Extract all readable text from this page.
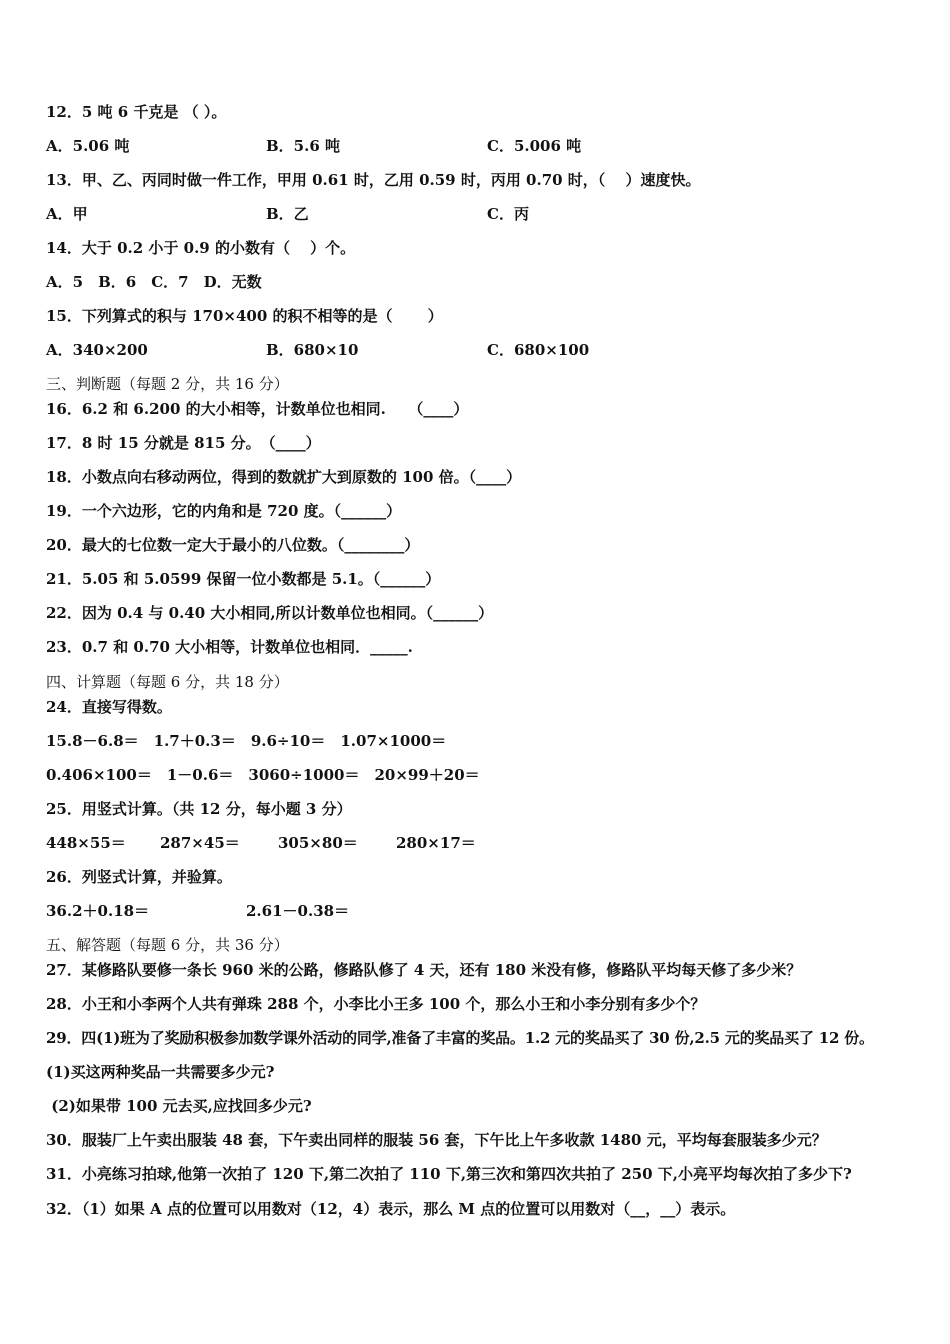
12．5 吨 6 千克是 （ ）。
A．5.06 吨	B．5.6 吨	C．5.006 吨
13．甲、乙、丙同时做一件工作，甲用 0.61 时，乙用 0.59 时，丙用 0.70 时，（　 ）速度快。
A．甲	B．乙	C．丙
14．大于 0.2 小于 0.9 的小数有（　 ）个。
A．5　B．6　C．7　D．无数
15．下列算式的积与 170×400 的积不相等的是（　　 ）
A．340×200	B．680×10	C．680×100
三、判断题（每题 2 分，共 16 分）
16．6.2 和 6.200 的大小相等，计数单位也相同.　　（____）
17．8 时 15 分就是 815 分。　（____）
18．小数点向右移动两位，得到的数就扩大到原数的 100 倍。（____）
19．一个六边形，它的内角和是 720 度。（______）
20．最大的七位数一定大于最小的八位数。（________）
21．5.05 和 5.0599 保留一位小数都是 5.1。（______）
22．因为 0.4 与 0.40 大小相同,所以计数单位也相同。（______）
23．0.7 和 0.70 大小相等，计数单位也相同．_____.
四、计算题（每题 6 分，共 18 分）
24．直接写得数。
15.8－6.8＝　1.7＋0.3＝　9.6÷10＝　1.07×1000＝
0.406×100＝　1－0.6＝　3060÷1000＝　20×99＋20＝
25．用竖式计算。（共 12 分，每小题 3 分）
448×55＝ 287×45＝	305×80＝	280×17＝
26．列竖式计算，并验算。
36.2＋0.18＝	2.61－0.38＝
五、解答题（每题 6 分，共 36 分）
27．某修路队要修一条长 960 米的公路，修路队修了 4 天，还有 180 米没有修，修路队平均每天修了多少米？
28．小王和小李两个人共有弹珠 288 个，小李比小王多 100 个，那么小王和小李分别有多少个？
29．四(1)班为了奖励积极参加数学课外活动的同学,准备了丰富的奖品。1.2 元的奖品买了 30 份,2.5 元的奖品买了 12 份。
(1)买这两种奖品一共需要多少元?
(2)如果带 100 元去买,应找回多少元?
30．服装厂上午卖出服装 48 套，下午卖出同样的服装 56 套，下午比上午多收款 1480 元，平均每套服装多少元？
31．小亮练习拍球,他第一次拍了 120 下,第二次拍了 110 下,第三次和第四次共拍了 250 下,小亮平均每次拍了多少下?
32．（1）如果 A 点的位置可以用数对（12，4）表示，那么 M 点的位置可以用数对（__，__）表示。
